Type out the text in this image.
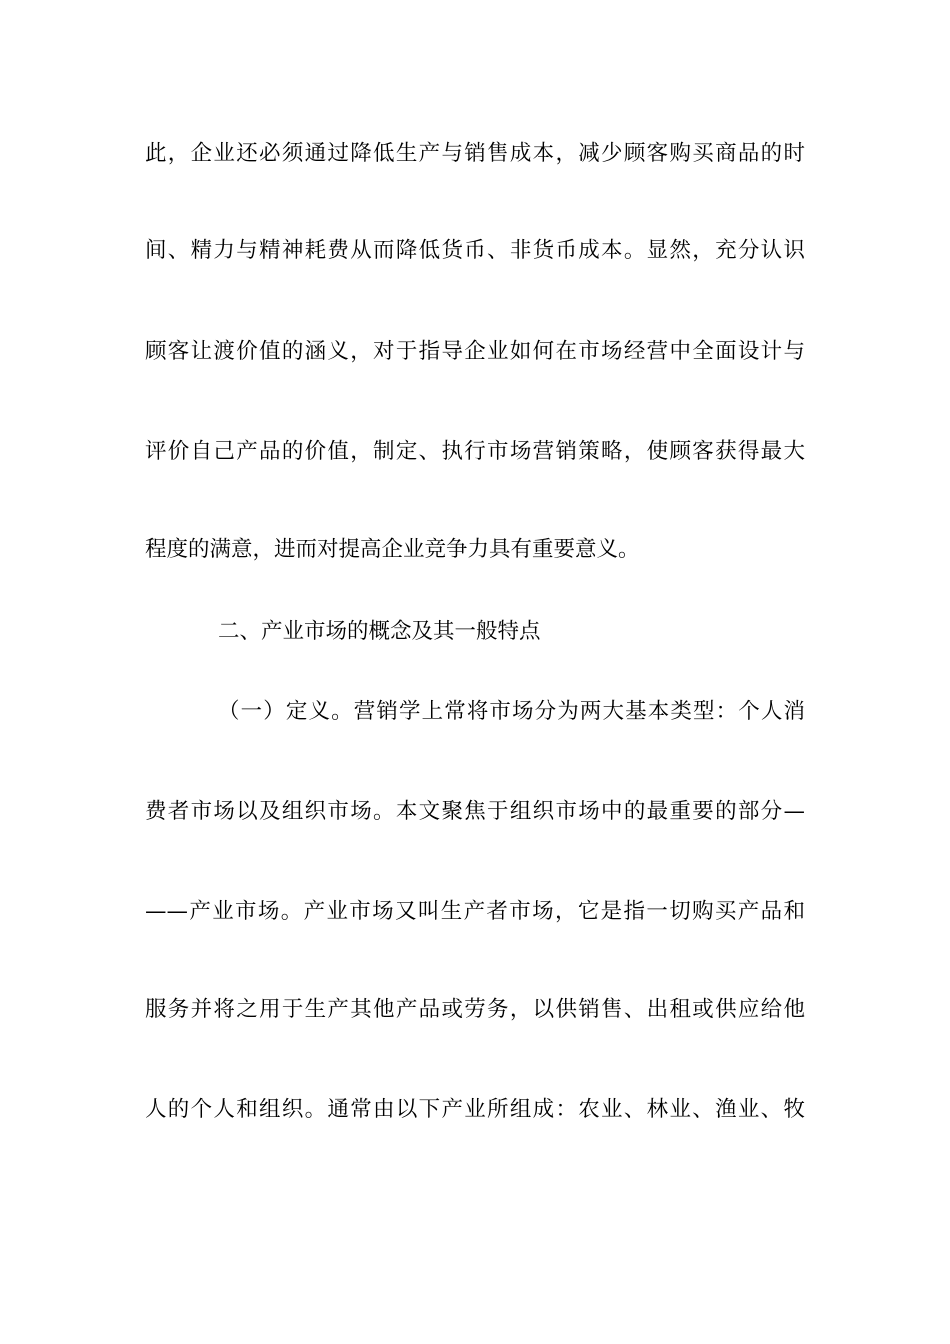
此，企业还必须通过降低生产与销售成本，减少顾客购买商品的时
间、精力与精神耗费从而降低货币、非货币成本。显然，充分认识
顾客让渡价值的涵义，对于指导企业如何在市场经营中全面设计与
评价自己产品的价值，制定、执行市场营销策略，使顾客获得最大
程度的满意，进而对提高企业竞争力具有重要意义。
二、产业市场的概念及其一般特点
（一）定义。营销学上常将市场分为两大基本类型：个人消
费者市场以及组织市场。本文聚焦于组织市场中的最重要的部分—
——产业市场。产业市场又叫生产者市场，它是指一切购买产品和
服务并将之用于生产其他产品或劳务，以供销售、出租或供应给他
人的个人和组织。通常由以下产业所组成：农业、林业、渔业、牧
